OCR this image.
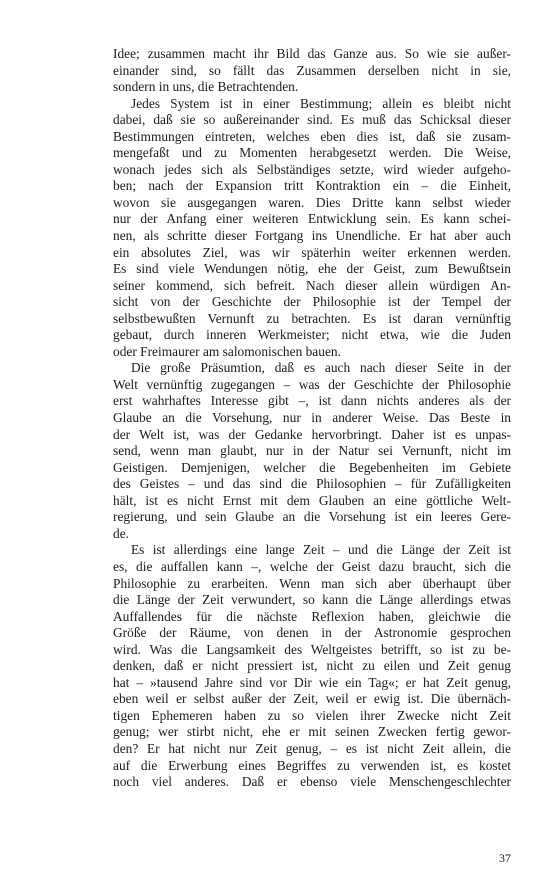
Idee; zusammen macht ihr Bild das Ganze aus. So wie sie außer-
einander sind, so fällt das Zusammen derselben nicht in sie,
sondern in uns, die Betrachtenden.
Jedes System ist in einer Bestimmung; allein es bleibt nicht
dabei, daß sie so außereinander sind. Es muß das Schicksal dieser
Bestimmungen eintreten, welches eben dies ist, daß sie zusam-
mengefaßt und zu Momenten herabgesetzt werden. Die Weise,
wonach jedes sich als Selbständiges setzte, wird wieder aufgeho-
ben; nach der Expansion tritt Kontraktion ein – die Einheit,
wovon sie ausgegangen waren. Dies Dritte kann selbst wieder
nur der Anfang einer weiteren Entwicklung sein. Es kann schei-
nen, als schritte dieser Fortgang ins Unendliche. Er hat aber auch
ein absolutes Ziel, was wir späterhin weiter erkennen werden.
Es sind viele Wendungen nötig, ehe der Geist, zum Bewußtsein
seiner kommend, sich befreit. Nach dieser allein würdigen An-
sicht von der Geschichte der Philosophie ist der Tempel der
selbstbewußten Vernunft zu betrachten. Es ist daran vernünftig
gebaut, durch inneren Werkmeister; nicht etwa, wie die Juden
oder Freimaurer am salomonischen bauen.
Die große Präsumtion, daß es auch nach dieser Seite in der
Welt vernünftig zugegangen – was der Geschichte der Philosophie
erst wahrhaftes Interesse gibt –, ist dann nichts anderes als der
Glaube an die Vorsehung, nur in anderer Weise. Das Beste in
der Welt ist, was der Gedanke hervorbringt. Daher ist es unpas-
send, wenn man glaubt, nur in der Natur sei Vernunft, nicht im
Geistigen. Demjenigen, welcher die Begebenheiten im Gebiete
des Geistes – und das sind die Philosophien – für Zufälligkeiten
hält, ist es nicht Ernst mit dem Glauben an eine göttliche Welt-
regierung, und sein Glaube an die Vorsehung ist ein leeres Gere-
de.
Es ist allerdings eine lange Zeit – und die Länge der Zeit ist
es, die auffallen kann –, welche der Geist dazu braucht, sich die
Philosophie zu erarbeiten. Wenn man sich aber überhaupt über
die Länge der Zeit verwundert, so kann die Länge allerdings etwas
Auffallendes für die nächste Reflexion haben, gleichwie die
Größe der Räume, von denen in der Astronomie gesprochen
wird. Was die Langsamkeit des Weltgeistes betrifft, so ist zu be-
denken, daß er nicht pressiert ist, nicht zu eilen und Zeit genug
hat – »tausend Jahre sind vor Dir wie ein Tag«; er hat Zeit genug,
eben weil er selbst außer der Zeit, weil er ewig ist. Die übernäch-
tigen Ephemeren haben zu so vielen ihrer Zwecke nicht Zeit
genug; wer stirbt nicht, ehe er mit seinen Zwecken fertig gewor-
den? Er hat nicht nur Zeit genug, – es ist nicht Zeit allein, die
auf die Erwerbung eines Begriffes zu verwenden ist, es kostet
noch viel anderes. Daß er ebenso viele Menschengeschlechter
37
